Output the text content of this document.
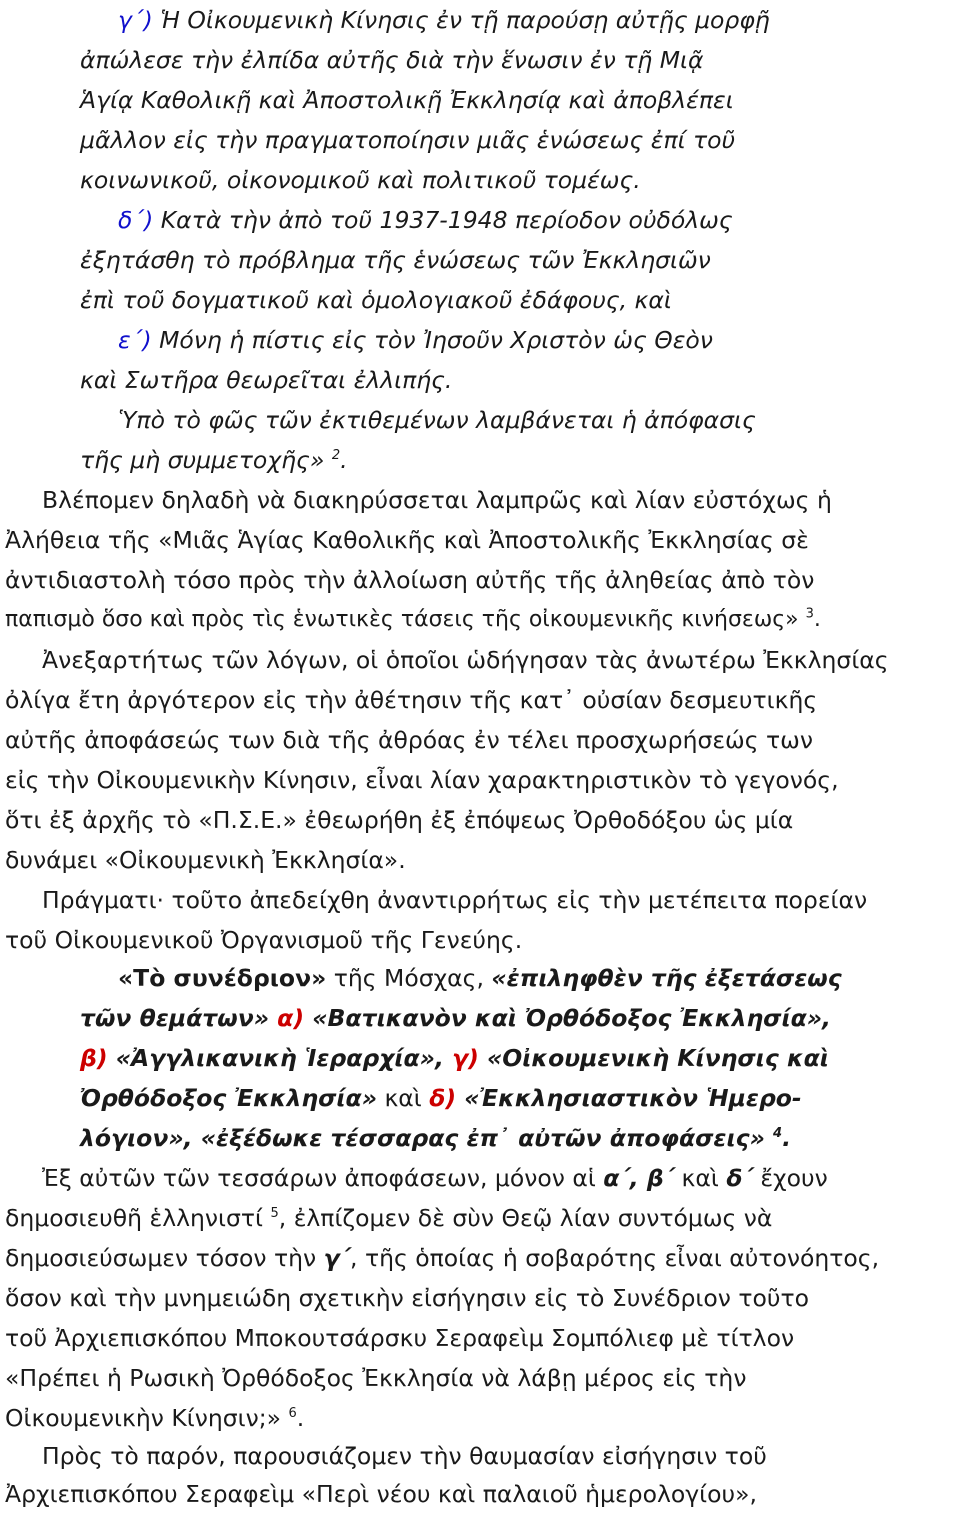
γ΄) Ἡ Οἰκουμενικὴ Κίνησις ἐν τῇ παρούσῃ αὐτῇς μορφῇ
ἀπώλεσε τὴν ἐλπίδα αὐτῆς διὰ τὴν ἕνωσιν ἐν τῇ Μιᾷ
Ἁγίᾳ Καθολικῇ καὶ Ἀποστολικῇ Ἐκκλησίᾳ καὶ ἀποβλέπει
μᾶλλον εἰς τὴν πραγματοποίησιν μιᾶς ἑνώσεως ἐπί τοῦ
κοινωνικοῦ, οἰκονομικοῦ καὶ πολιτικοῦ τομέως.
δ΄) Κατὰ τὴν ἀπὸ τοῦ 1937-1948 περίοδον οὐδόλως
ἐξητάσθη τὸ πρόβλημα τῆς ἑνώσεως τῶν Ἐκκλησιῶν
ἐπὶ τοῦ δογματικοῦ καὶ ὁμολογιακοῦ ἐδάφους, καὶ
ε΄) Μόνη ἡ πίστις εἰς τὸν Ἰησοῦν Χριστὸν ὡς Θεὸν
καὶ Σωτῆρα θεωρεῖται ἐλλιπής.
Ὑπὸ τὸ φῶς τῶν ἐκτιθεμένων λαμβάνεται ἡ ἀπόφασις
τῆς μὴ συμμετοχῆς» $^2$.
Βλέπομεν δηλαδὴ νὰ διακηρύσσεται λαμπρῶς καὶ λίαν εὐστόχως ἡ
Ἀλήθεια τῆς «Μιᾶς Ἁγίας Καθολικῆς καὶ Ἀποστολικῆς Ἐκκλησίας σὲ
ἀντιδιαστολὴ τόσο πρὸς τὴν ἀλλοίωση αὐτῆς τῆς ἀληθείας ἀπὸ τὸν
παπισμὸ ὅσο καὶ πρὸς τὶς ἑνωτικὲς τάσεις τῆς οἰκουμενικῆς κινήσεως» $^3$.
Ἀνεξαρτήτως τῶν λόγων, οἱ ὁποῖοι ὡδήγησαν τὰς ἀνωτέρω Ἐκκλησίας
ὀλίγα ἔτη ἀργότερον εἰς τὴν ἀθέτησιν τῆς κατ᾽ οὐσίαν δεσμευτικῆς
αὐτῆς ἀποφάσεώς των διὰ τῆς ἀθρόας ἐν τέλει προσχωρήσεώς των
εἰς τὴν Οἰκουμενικὴν Κίνησιν, εἶναι λίαν χαρακτηριστικὸν τὸ γεγονός,
ὅτι ἐξ ἀρχῆς τὸ «Π.Σ.Ε.» ἐθεωρήθη ἐξ ἐπόψεως Ὀρθοδόξου ὡς μία
δυνάμει «Οἰκουμενικὴ Ἐκκλησία».
Πράγματι· τοῦτο ἀπεδείχθη ἀναντιρρήτως εἰς τὴν μετέπειτα πορείαν
τοῦ Οἰκουμενικοῦ Ὀργανισμοῦ τῆς Γενεύης.
«Τὸ συνέδριον» τῆς Μόσχας, «ἐπιληφθὲν τῆς ἐξετάσεως
τῶν θεμάτων» α) «Βατικανὸν καὶ Ὀρθόδοξος Ἐκκλησία»,
β) «Ἀγγλικανικὴ Ἱεραρχία», γ) «Οἰκουμενικὴ Κίνησις καὶ
Ὀρθόδοξος Ἐκκλησία» καὶ δ) «Ἐκκλησιαστικὸν Ἡμερο-
λόγιον», «ἐξέδωκε τέσσαρας ἐπ᾽ αὐτῶν ἀποφάσεις» $^4$.
Ἐξ αὐτῶν τῶν τεσσάρων ἀποφάσεων, μόνον αἱ α΄, β΄ καὶ δ΄ ἔχουν
δημοσιευθῆ ἑλληνιστί $^5$, ἐλπίζομεν δὲ σὺν Θεῷ λίαν συντόμως νὰ
δημοσιεύσωμεν τόσον τὴν γ΄, τῆς ὁποίας ἡ σοβαρότης εἶναι αὐτονόητος,
ὅσον καὶ τὴν μνημειώδη σχετικὴν εἰσήγησιν εἰς τὸ Συνέδριον τοῦτο
τοῦ Ἀρχιεπισκόπου Μποκουτσάρσκυ Σεραφεὶμ Σομπόλιεφ μὲ τίτλον
«Πρέπει ἡ Ρωσικὴ Ὀρθόδοξος Ἐκκλησία νὰ λάβῃ μέρος εἰς τὴν
Οἰκουμενικὴν Κίνησιν;» $^6$.
Πρὸς τὸ παρόν, παρουσιάζομεν τὴν θαυμασίαν εἰσήγησιν τοῦ
Ἀρχιεπισκόπου Σεραφεὶμ «Περὶ νέου καὶ παλαιοῦ ἡμερολογίου»,
